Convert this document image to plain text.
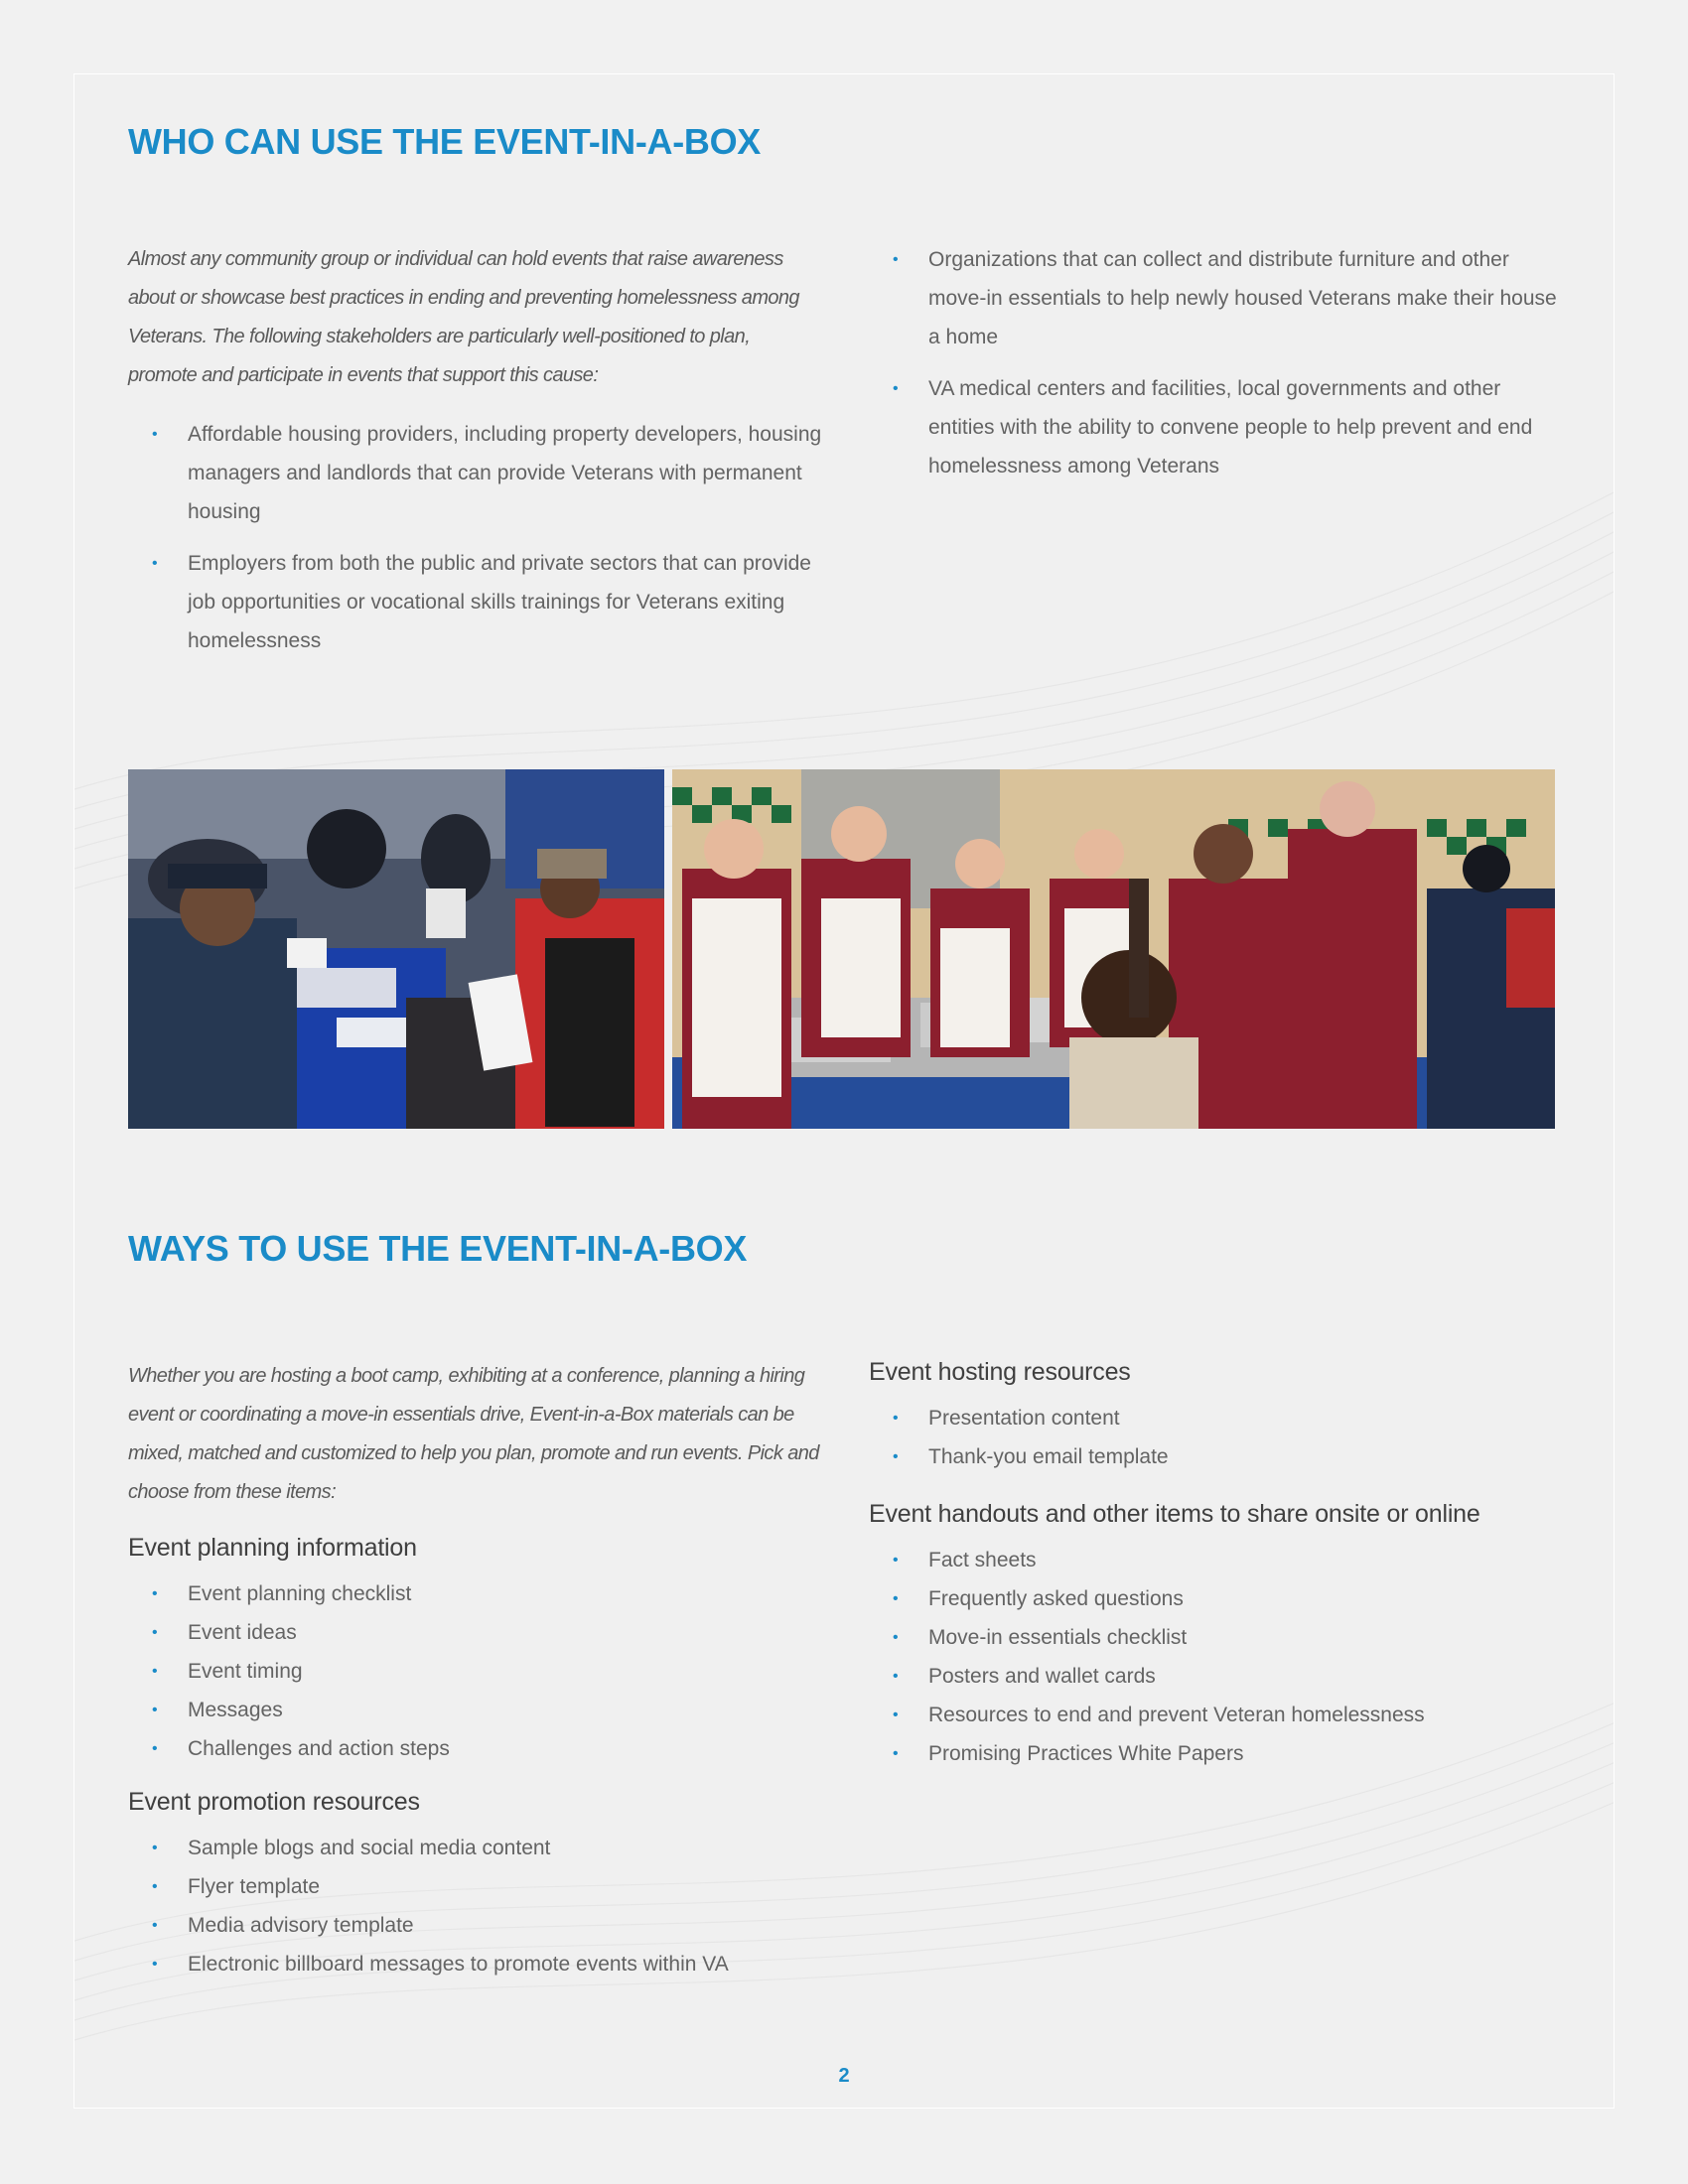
WHO CAN USE THE EVENT-IN-A-BOX

Almost any community group or individual can hold events that raise awareness about or showcase best practices in ending and preventing homelessness among Veterans. The following stakeholders are particularly well-positioned to plan, promote and participate in events that support this cause:

• Affordable housing providers, including property developers, housing managers and landlords that can provide Veterans with permanent housing
• Employers from both the public and private sectors that can provide job opportunities or vocational skills trainings for Veterans exiting homelessness
• Organizations that can collect and distribute furniture and other move-in essentials to help newly housed Veterans make their house a home
• VA medical centers and facilities, local governments and other entities with the ability to convene people to help prevent and end homelessness among Veterans
WAYS TO USE THE EVENT-IN-A-BOX

Whether you are hosting a boot camp, exhibiting at a conference, planning a hiring event or coordinating a move-in essentials drive, Event-in-a-Box materials can be mixed, matched and customized to help you plan, promote and run events. Pick and choose from these items:

Event planning information
• Event planning checklist
• Event ideas
• Event timing
• Messages
• Challenges and action steps
Event promotion resources
• Sample blogs and social media content
• Flyer template
• Media advisory template
• Electronic billboard messages to promote events within VA
Event hosting resources
• Presentation content
• Thank-you email template
Event handouts and other items to share onsite or online
• Fact sheets
• Frequently asked questions
• Move-in essentials checklist
• Posters and wallet cards
• Resources to end and prevent Veteran homelessness
• Promising Practices White Papers
2
